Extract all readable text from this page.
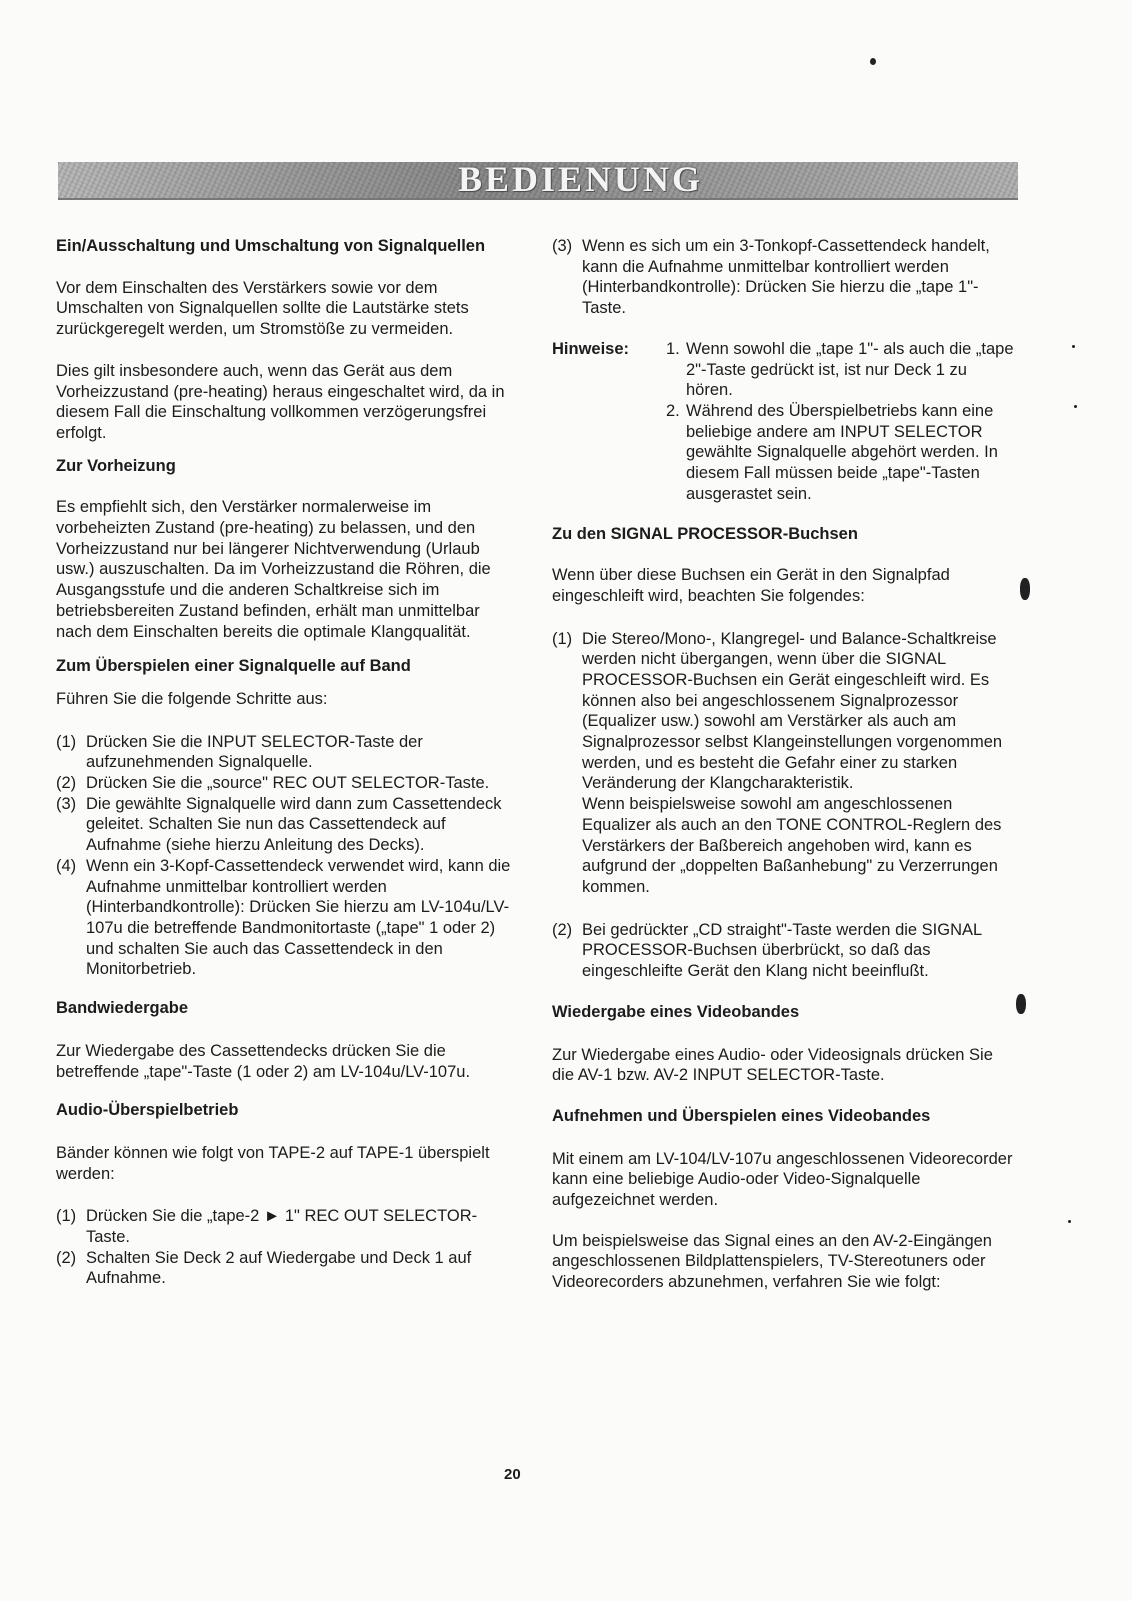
BEDIENUNG
Ein/Ausschaltung und Umschaltung von Signalquellen

Vor dem Einschalten des Verstärkers sowie vor dem Umschalten von Signalquellen sollte die Lautstärke stets zurückgeregelt werden, um Stromstöße zu vermeiden.

Dies gilt insbesondere auch, wenn das Gerät aus dem Vorheizzustand (pre-heating) heraus eingeschaltet wird, da in diesem Fall die Einschaltung vollkommen verzögerungsfrei erfolgt.

Zur Vorheizung

Es empfiehlt sich, den Verstärker normalerweise im vorbeheizten Zustand (pre-heating) zu belassen, und den Vorheizzustand nur bei längerer Nichtverwendung (Urlaub usw.) auszuschalten. Da im Vorheizzustand die Röhren, die Ausgangsstufe und die anderen Schaltkreise sich im betriebsbereiten Zustand befinden, erhält man unmittelbar nach dem Einschalten bereits die optimale Klangqualität.

Zum Überspielen einer Signalquelle auf Band

Führen Sie die folgende Schritte aus:

(1) Drücken Sie die INPUT SELECTOR-Taste der aufzunehmenden Signalquelle.
(2) Drücken Sie die „source" REC OUT SELECTOR-Taste.
(3) Die gewählte Signalquelle wird dann zum Cassettendeck geleitet. Schalten Sie nun das Cassettendeck auf Aufnahme (siehe hierzu Anleitung des Decks).
(4) Wenn ein 3-Kopf-Cassettendeck verwendet wird, kann die Aufnahme unmittelbar kontrolliert werden (Hinterbandkontrolle): Drücken Sie hierzu am LV-104u/LV-107u die betreffende Bandmonitortaste („tape" 1 oder 2) und schalten Sie auch das Cassettendeck in den Monitorbetrieb.
Bandwiedergabe

Zur Wiedergabe des Cassettendecks drücken Sie die betreffende „tape"-Taste (1 oder 2) am LV-104u/LV-107u.

Audio-Überspielbetrieb

Bänder können wie folgt von TAPE-2 auf TAPE-1 überspielt werden:

(1) Drücken Sie die „tape-2 ► 1" REC OUT SELECTOR-Taste.
(2) Schalten Sie Deck 2 auf Wiedergabe und Deck 1 auf Aufnahme.
(3) Wenn es sich um ein 3-Tonkopf-Cassettendeck handelt, kann die Aufnahme unmittelbar kontrolliert werden (Hinterbandkontrolle): Drücken Sie hierzu die „tape 1"-Taste.
Hinweise: 1. Wenn sowohl die „tape 1"- als auch die „tape 2"-Taste gedrückt ist, ist nur Deck 1 zu hören.
2. Während des Überspielbetriebs kann eine beliebige andere am INPUT SELECTOR gewählte Signalquelle abgehört werden. In diesem Fall müssen beide „tape"-Tasten ausgerastet sein.
Zu den SIGNAL PROCESSOR-Buchsen

Wenn über diese Buchsen ein Gerät in den Signalpfad eingeschleift wird, beachten Sie folgendes:

(1) Die Stereo/Mono-, Klangregel- und Balance-Schaltkreise werden nicht übergangen, wenn über die SIGNAL PROCESSOR-Buchsen ein Gerät eingeschleift wird. Es können also bei angeschlossenem Signalprozessor (Equalizer usw.) sowohl am Verstärker als auch am Signalprozessor selbst Klangeinstellungen vorgenommen werden, und es besteht die Gefahr einer zu starken Veränderung der Klangcharakteristik.
Wenn beispielsweise sowohl am angeschlossenen Equalizer als auch an den TONE CONTROL-Reglern des Verstärkers der Baßbereich angehoben wird, kann es aufgrund der „doppelten Baßanhebung" zu Verzerrungen kommen.
(2) Bei gedrückter „CD straight"-Taste werden die SIGNAL PROCESSOR-Buchsen überbrückt, so daß das eingeschleifte Gerät den Klang nicht beeinflußt.
Wiedergabe eines Videobandes

Zur Wiedergabe eines Audio- oder Videosignals drücken Sie die AV-1 bzw. AV-2 INPUT SELECTOR-Taste.

Aufnehmen und Überspielen eines Videobandes

Mit einem am LV-104/LV-107u angeschlossenen Videorecorder kann eine beliebige Audio-oder Video-Signalquelle aufgezeichnet werden.

Um beispielsweise das Signal eines an den AV-2-Eingängen angeschlossenen Bildplattenspielers, TV-Stereotuners oder Videorecorders abzunehmen, verfahren Sie wie folgt:

20
